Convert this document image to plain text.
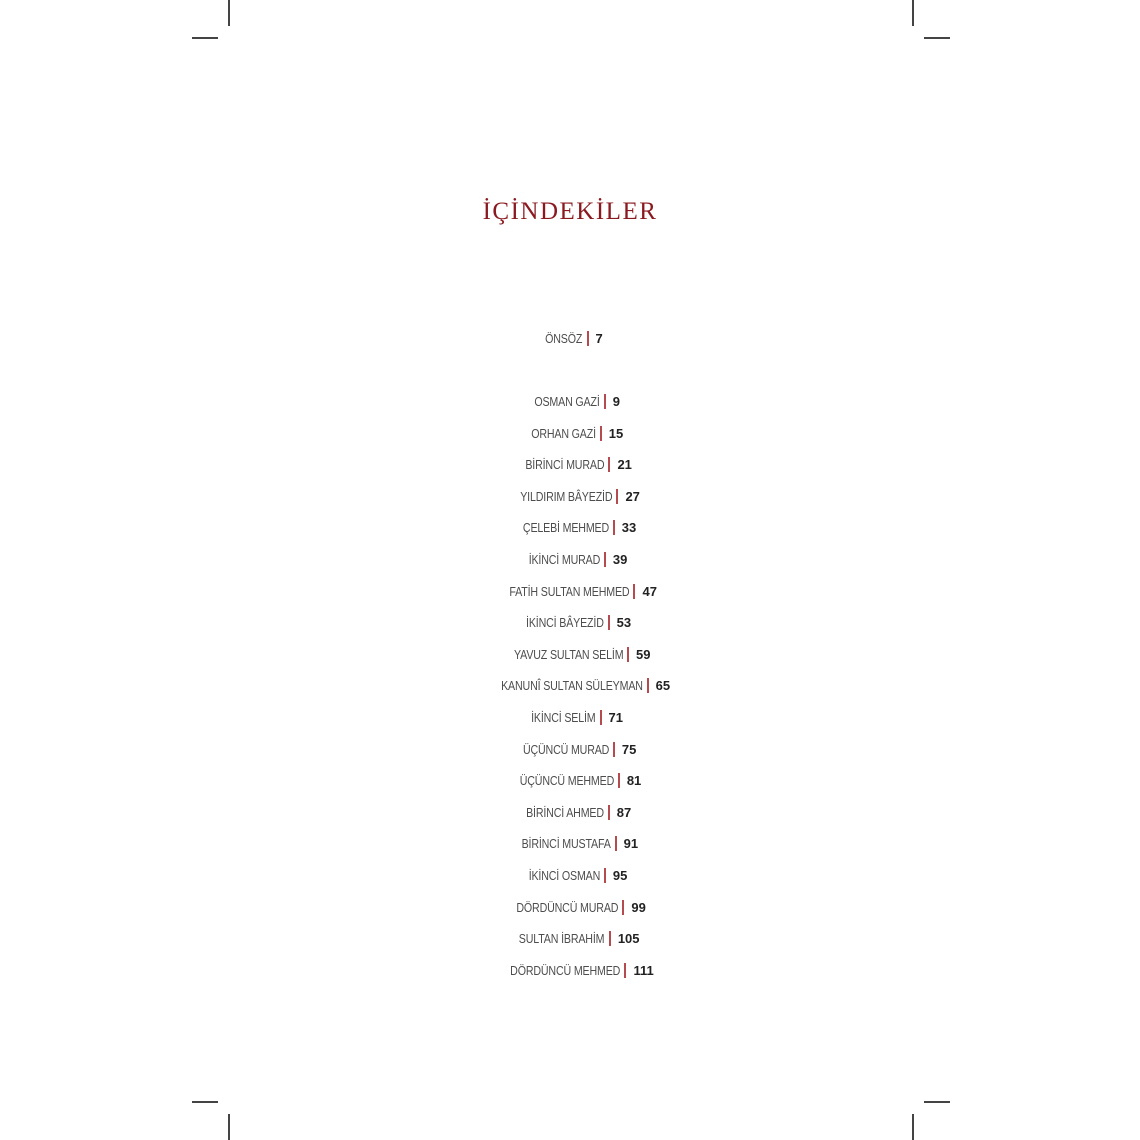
İÇİNDEKİLER
ÖNSÖZ 7
OSMAN GAZİ 9
ORHAN GAZİ 15
BİRİNCİ MURAD 21
YILDIRIM BÂYEZİD 27
ÇELEBİ MEHMED 33
İKİNCİ MURAD 39
FATİH SULTAN MEHMED 47
İKİNCİ BÂYEZİD 53
YAVUZ SULTAN SELİM 59
KANUNÎ SULTAN SÜLEYMAN 65
İKİNCİ SELİM 71
ÜÇÜNCÜ MURAD 75
ÜÇÜNCÜ MEHMED 81
BİRİNCİ AHMED 87
BİRİNCİ MUSTAFA 91
İKİNCİ OSMAN 95
DÖRDÜNCÜ MURAD 99
SULTAN İBRAHİM 105
DÖRDÜNCÜ MEHMED 111
